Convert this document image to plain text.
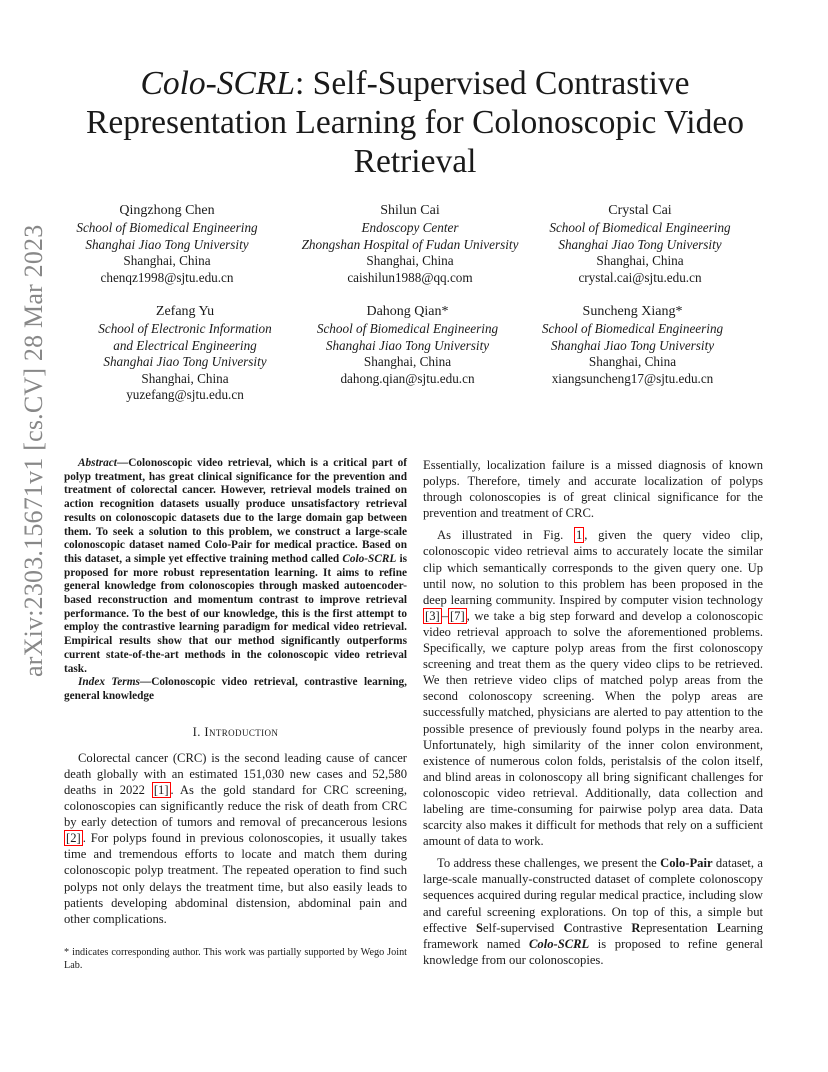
arXiv:2303.15671v1 [cs.CV] 28 Mar 2023
Colo-SCRL: Self-Supervised Contrastive
Representation Learning for Colonoscopic Video
Retrieval
Qingzhong Chen
School of Biomedical Engineering
Shanghai Jiao Tong University
Shanghai, China
chenqz1998@sjtu.edu.cn
Shilun Cai
Endoscopy Center
Zhongshan Hospital of Fudan University
Shanghai, China
caishilun1988@qq.com
Crystal Cai
School of Biomedical Engineering
Shanghai Jiao Tong University
Shanghai, China
crystal.cai@sjtu.edu.cn
Zefang Yu
School of Electronic Information
and Electrical Engineering
Shanghai Jiao Tong University
Shanghai, China
yuzefang@sjtu.edu.cn
Dahong Qian*
School of Biomedical Engineering
Shanghai Jiao Tong University
Shanghai, China
dahong.qian@sjtu.edu.cn
Suncheng Xiang*
School of Biomedical Engineering
Shanghai Jiao Tong University
Shanghai, China
xiangsuncheng17@sjtu.edu.cn

Abstract—Colonoscopic video retrieval, which is a critical part of polyp treatment, has great clinical significance for the prevention and treatment of colorectal cancer. However, retrieval models trained on action recognition datasets usually produce unsatisfactory retrieval results on colonoscopic datasets due to the large domain gap between them. To seek a solution to this problem, we construct a large-scale colonoscopic dataset named Colo-Pair for medical practice. Based on this dataset, a simple yet effective training method called Colo-SCRL is proposed for more robust representation learning. It aims to refine general knowledge from colonoscopies through masked autoencoder-based reconstruction and momentum contrast to improve retrieval performance. To the best of our knowledge, this is the first attempt to employ the contrastive learning paradigm for medical video retrieval. Empirical results show that our method significantly outperforms current state-of-the-art methods in the colonoscopic video retrieval task.

Index Terms—Colonoscopic video retrieval, contrastive learning, general knowledge

I. Introduction

Colorectal cancer (CRC) is the second leading cause of cancer death globally with an estimated 151,030 new cases and 52,580 deaths in 2022 [1] . As the gold standard for CRC screening, colonoscopies can significantly reduce the risk of death from CRC by early detection of tumors and removal of precancerous lesions [2] . For polyps found in previous colonoscopies, it usually takes time and tremendous efforts to locate and match them during colonoscopic polyp treatment. The repeated operation to find such polyps not only delays the treatment time, but also easily leads to patients developing abdominal distension, abdominal pain and other complications.

* indicates corresponding author. This work was partially supported by Wego Joint Lab.

Essentially, localization failure is a missed diagnosis of known polyps. Therefore, timely and accurate localization of polyps through colonoscopies is of great clinical significance for the prevention and treatment of CRC.

As illustrated in Fig. 1 , given the query video clip, colonoscopic video retrieval aims to accurately locate the similar clip which semantically corresponds to the given query one. Up until now, no solution to this problem has been proposed in the deep learning community. Inspired by computer vision technology [3] – [7] , we take a big step forward and develop a colonoscopic video retrieval approach to solve the aforementioned problems. Specifically, we capture polyp areas from the first colonoscopy screening and treat them as the query video clips to be retrieved. We then retrieve video clips of matched polyp areas from the second colonoscopy screening. When the polyp areas are successfully matched, physicians are alerted to pay attention to the possible presence of previously found polyps in the nearby area. Unfortunately, high similarity of the inner colon environment, existence of numerous colon folds, peristalsis of the colon itself, and blind areas in colonoscopy all bring significant challenges for colonoscopic video retrieval. Additionally, data collection and labeling are time-consuming for pairwise polyp area data. Data scarcity also makes it difficult for methods that rely on a sufficient amount of data to work.

To address these challenges, we present the Colo-Pair dataset, a large-scale manually-constructed dataset of complete colonoscopy sequences acquired during regular medical practice, including slow and careful screening explorations. On top of this, a simple but effective Self-supervised Contrastive Representation Learning framework named Colo-SCRL is proposed to refine general knowledge from our colonoscopies.
